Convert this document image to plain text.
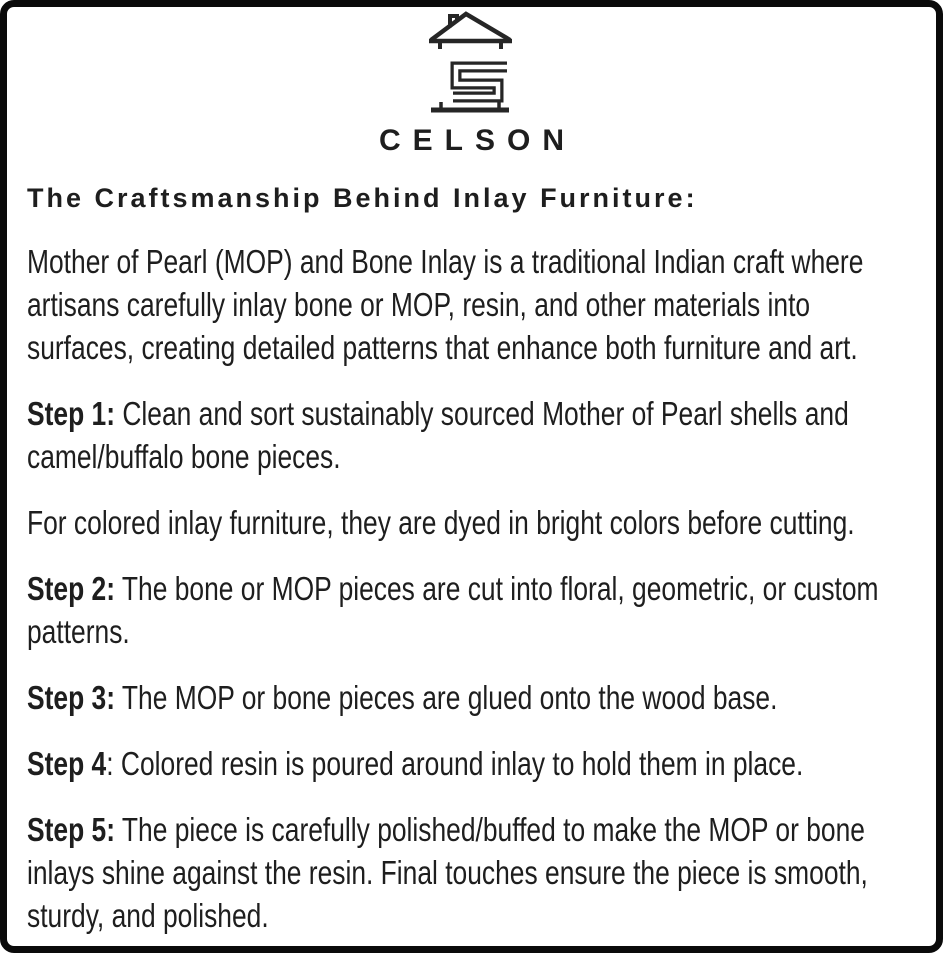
CELSON
The Craftsmanship Behind Inlay Furniture:
Mother of Pearl (MOP) and Bone Inlay is a traditional Indian craft where
artisans carefully inlay bone or MOP, resin, and other materials into
surfaces, creating detailed patterns that enhance both furniture and art.
Step 1: Clean and sort sustainably sourced Mother of Pearl shells and
camel/buffalo bone pieces.
For colored inlay furniture, they are dyed in bright colors before cutting.
Step 2: The bone or MOP pieces are cut into floral, geometric, or custom
patterns.
Step 3: The MOP or bone pieces are glued onto the wood base.
Step 4: Colored resin is poured around inlay to hold them in place.
Step 5: The piece is carefully polished/buffed to make the MOP or bone
inlays shine against the resin. Final touches ensure the piece is smooth,
sturdy, and polished.
